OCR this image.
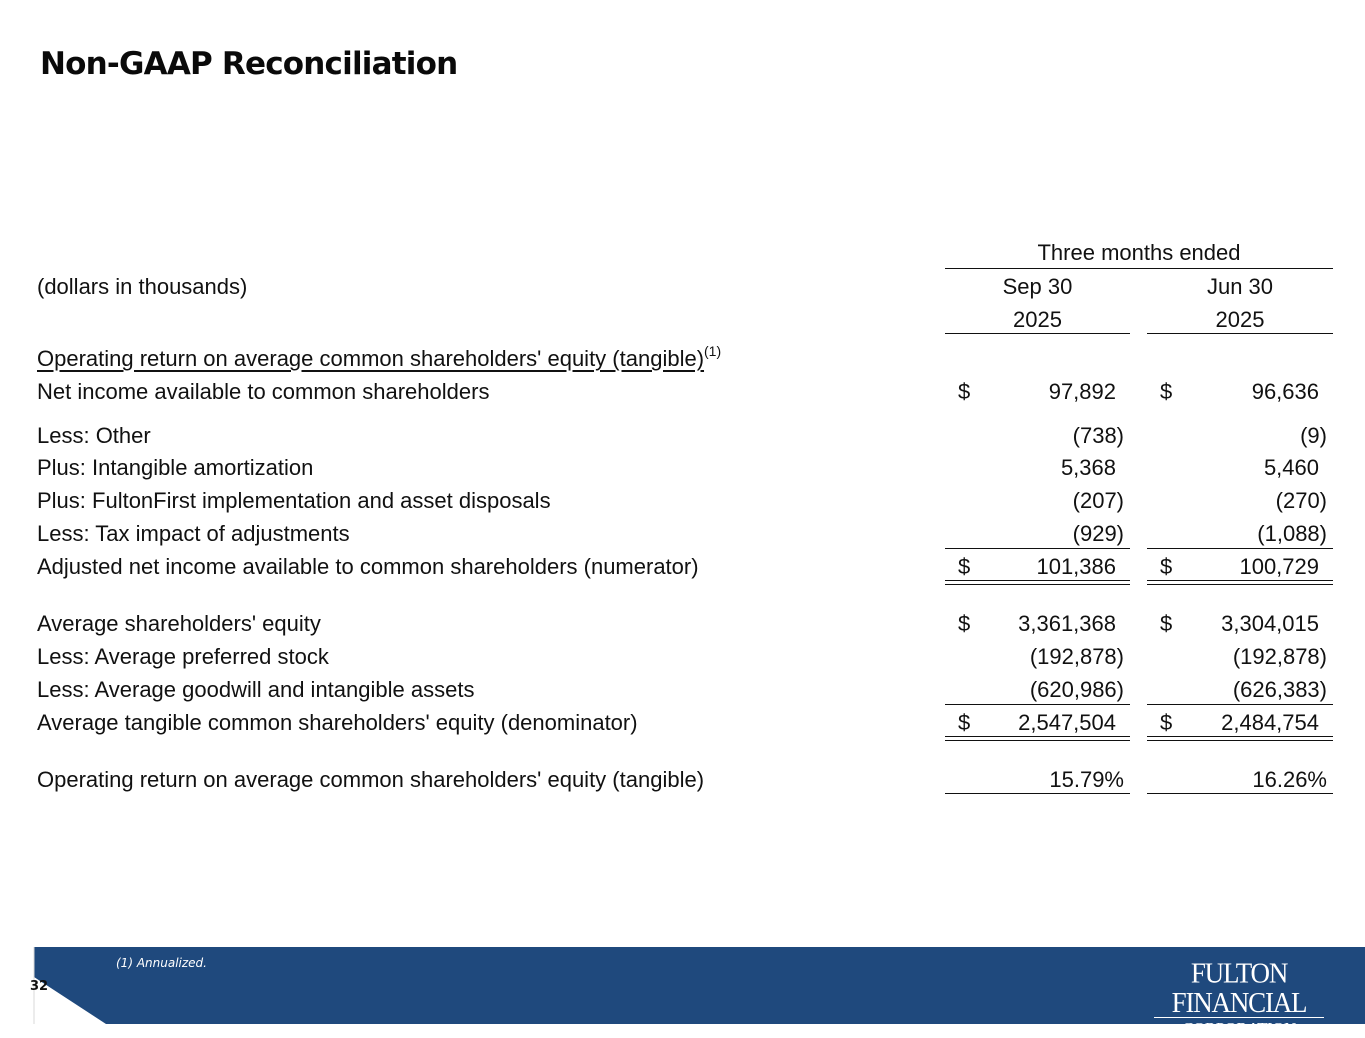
Non-GAAP Reconciliation
Three months ended
(dollars in thousands)	Sep 30	Jun 30
2025	2025
Operating return on average common shareholders' equity (tangible)$^{(1)}$
Net income available to common shareholders	$	97,892 $	96,636
Less: Other	(738)	(9)
Plus: Intangible amortization	5,368	5,460
Plus: FultonFirst implementation and asset disposals	(207)	(270)
Less: Tax impact of adjustments	(929)	(1,088)
Adjusted net income available to common shareholders (numerator)	$	101,386 $	100,729
Average shareholders' equity	$ 3,361,368 $ 3,304,015
Less: Average preferred stock	(192,878)	(192,878)
Less: Average goodwill and intangible assets	(620,986)	(626,383)
Average tangible common shareholders' equity (denominator)	$ 2,547,504 $ 2,484,754
Operating return on average common shareholders' equity (tangible)	15.79%	16.26%
32
(1) Annualized.	FULTON FINANCIAL
CORPORATION
